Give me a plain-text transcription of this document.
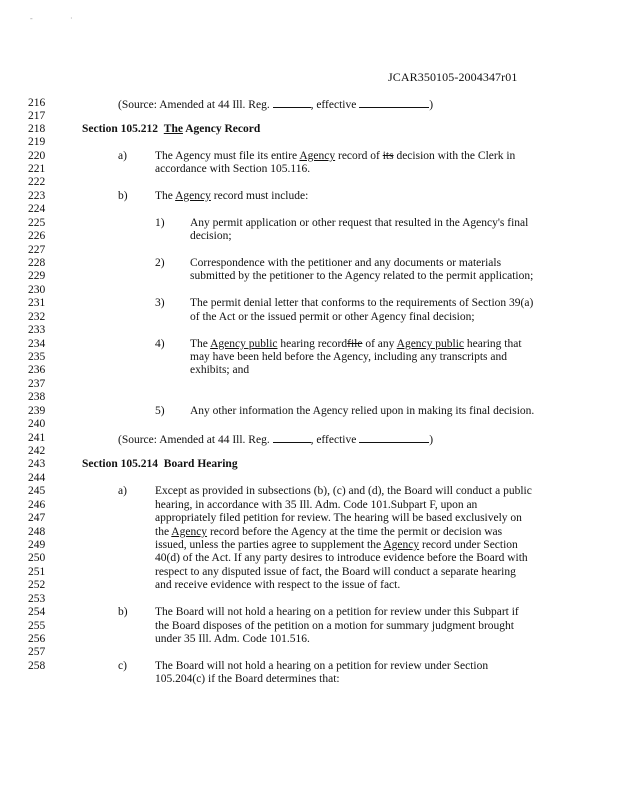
-	·
JCAR350105-2004347r01
216
217
218
219
220
221
222
223
224
225
226
227
228
229
230
231
232
233
234
235
236
237
238
239
240
241
242
243
244
245
246
247
248
249
250
251
252
253
254
255
256
257
258
(Source: Amended at 44 Ill. Reg.	, effective	)
Section 105.212 The Agency Record
a) The Agency must file its entire Agency record of its decision with the Clerk in
accordance with Section 105.116.
b) The Agency record must include:
1) Any permit application or other request that resulted in the Agency's final
decision;
2) Correspondence with the petitioner and any documents or materials
submitted by the petitioner to the Agency related to the permit application;
3) The permit denial letter that conforms to the requirements of Section 39(a)
of the Act or the issued permit or other Agency final decision;
4) The Agency public hearing recordfile of any Agency public hearing that
may have been held before the Agency, including any transcripts and
exhibits; and
5) Any other information the Agency relied upon in making its final decision.
(Source: Amended at 44 Ill. Reg.	, effective	)
Section 105.214 Board Hearing
a) Except as provided in subsections (b), (c) and (d), the Board will conduct a public
hearing, in accordance with 35 Ill. Adm. Code 101.Subpart F, upon an
appropriately filed petition for review. The hearing will be based exclusively on
the Agency record before the Agency at the time the permit or decision was
issued, unless the parties agree to supplement the Agency record under Section
40(d) of the Act. If any party desires to introduce evidence before the Board with
respect to any disputed issue of fact, the Board will conduct a separate hearing
and receive evidence with respect to the issue of fact.
b) The Board will not hold a hearing on a petition for review under this Subpart if
the Board disposes of the petition on a motion for summary judgment brought
under 35 Ill. Adm. Code 101.516.
c) The Board will not hold a hearing on a petition for review under Section
105.204(c) if the Board determines that:
